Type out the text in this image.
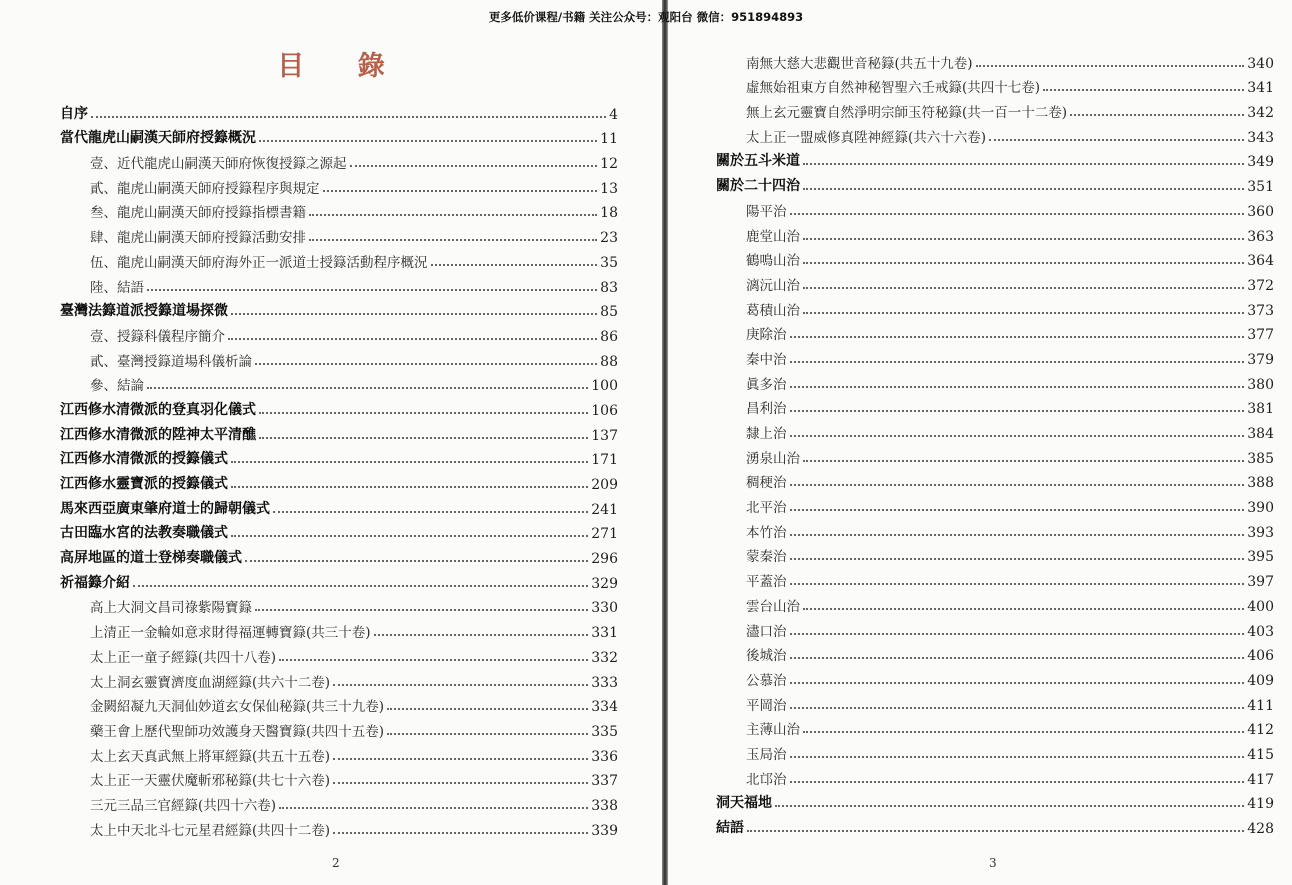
更多低价课程/书籍 关注公众号：观阳台 微信：951894893
目 錄
自序	4
當代龍虎山嗣漢天師府授籙概況	11
壹、近代龍虎山嗣漢天師府恢復授籙之源起	12
貳、龍虎山嗣漢天師府授籙程序與規定	13
叁、龍虎山嗣漢天師府授籙指標書籍	18
肆、龍虎山嗣漢天師府授籙活動安排	23
伍、龍虎山嗣漢天師府海外正一派道士授籙活動程序概況	35
陸、結語	83
臺灣法籙道派授籙道場探微	85
壹、授籙科儀程序簡介	86
貳、臺灣授籙道場科儀析論	88
參、結論	100
江西修水清微派的登真羽化儀式	106
江西修水清微派的陞神太平清醮	137
江西修水清微派的授籙儀式	171
江西修水靈寶派的授籙儀式	209
馬來西亞廣東肇府道士的歸朝儀式	241
古田臨水宮的法教奏職儀式	271
高屏地區的道士登梯奏職儀式	296
祈福籙介紹	329
高上大洞文昌司祿紫陽寶籙	330
上清正一金輪如意求財得福運轉寶籙(共三十卷)	331
太上正一童子經籙(共四十八卷)	332
太上洞玄靈寶濟度血湖經籙(共六十二卷)	333
金闕紹凝九天洞仙妙道玄女保仙秘籙(共三十九卷)	334
藥王會上歷代聖師功效護身天醫寶籙(共四十五卷)	335
太上玄天真武無上將軍經籙(共五十五卷)	336
太上正一天靈伏魔斬邪秘籙(共七十六卷)	337
三元三品三官經籙(共四十六卷)	338
太上中天北斗七元星君經籙(共四十二卷)	339
南無大慈大悲觀世音秘籙(共五十九卷)	340
虛無始祖東方自然神秘智聖六壬戒籙(共四十七卷)	341
無上玄元靈寶自然淨明宗師玉符秘籙(共一百一十二卷)	342
太上正一盟威修真陞神經籙(共六十六卷)	343
關於五斗米道	349
關於二十四治	351
陽平治	360
鹿堂山治	363
鶴鳴山治	364
漓沅山治	372
葛積山治	373
庚除治	377
秦中治	379
眞多治	380
昌利治	381
隸上治	384
湧泉山治	385
稠稉治	388
北平治	390
本竹治	393
蒙秦治	395
平蓋治	397
雲台山治	400
濜口治	403
後城治	406
公慕治	409
平岡治	411
主薄山治	412
玉局治	415
北邙治	417
洞天福地	419
結語	428
2	3
